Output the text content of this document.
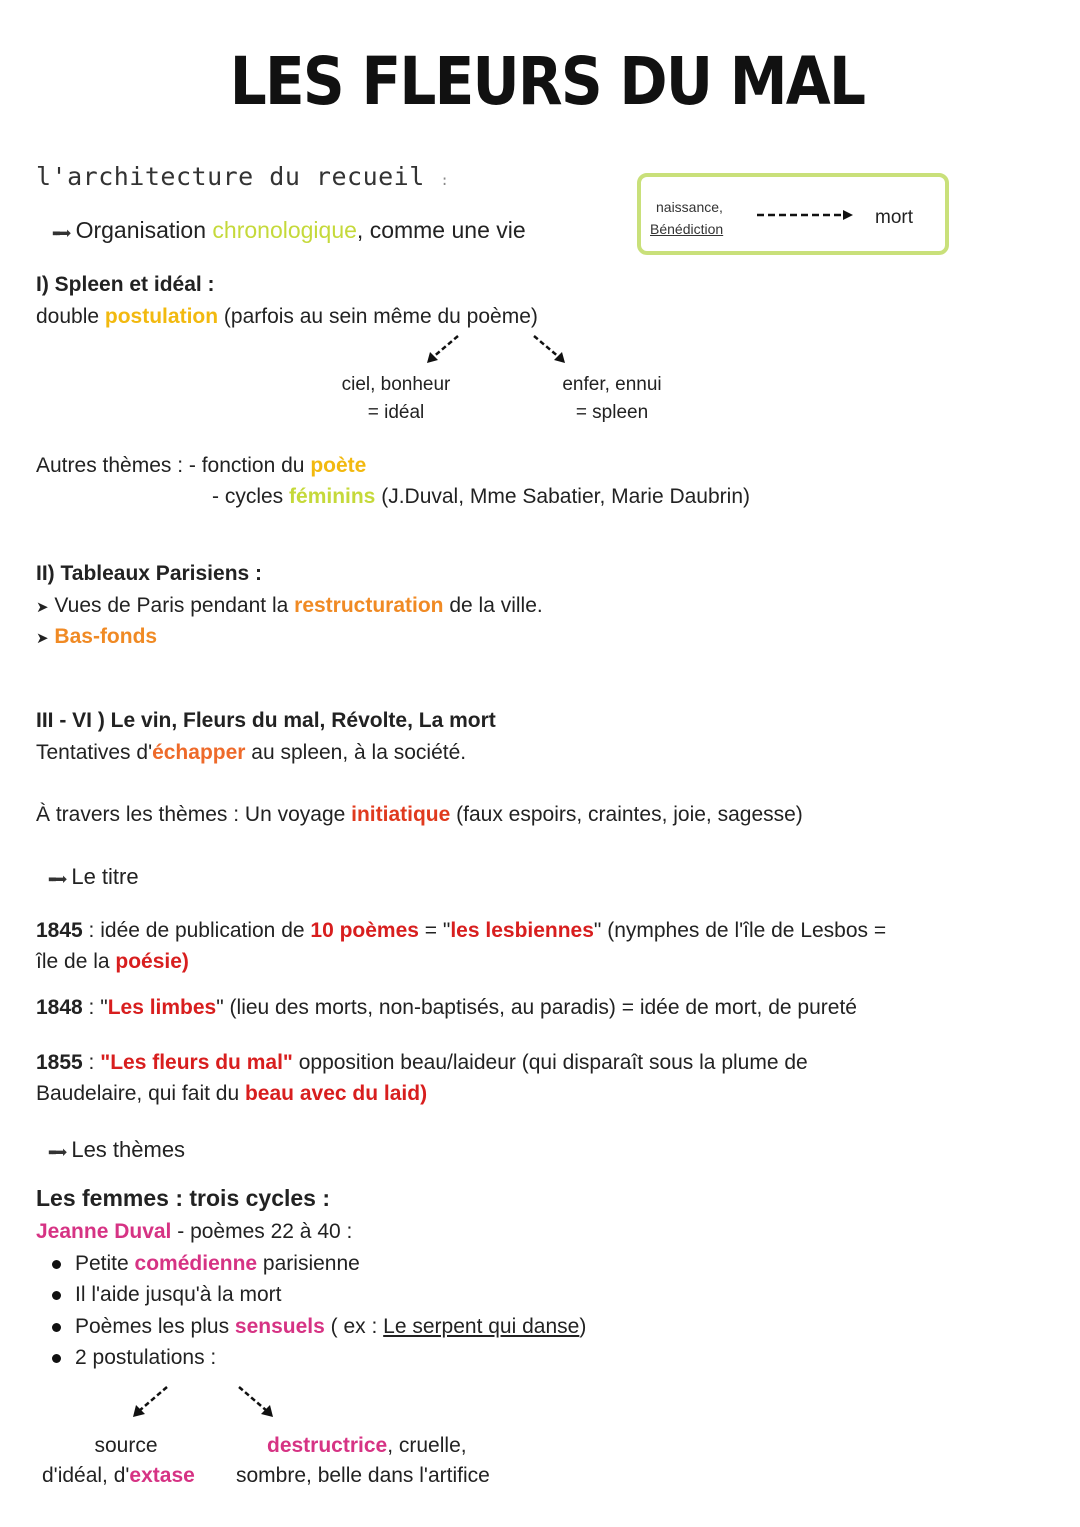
LES FLEURS DU MAL
l'architecture du recueil :
▪▪➡ Organisation chronologique, comme une vie
naissance,
Bénédiction
mort
I) Spleen et idéal :
double postulation (parfois au sein même du poème)
ciel, bonheur
= idéal
enfer, ennui
= spleen
Autres thèmes : - fonction du poète
- cycles féminins (J.Duval, Mme Sabatier, Marie Daubrin)
II) Tableaux Parisiens :
➤ Vues de Paris pendant la restructuration de la ville.
➤ Bas-fonds
III - VI ) Le vin, Fleurs du mal, Révolte, La mort
Tentatives d'échapper au spleen, à la société.
À travers les thèmes : Un voyage initiatique (faux espoirs, craintes, joie, sagesse)
▪▪➡ Le titre
1845 : idée de publication de 10 poèmes = "les lesbiennes" (nymphes de l'île de Lesbos =
île de la poésie)
1848 : "Les limbes" (lieu des morts, non-baptisés, au paradis) = idée de mort, de pureté
1855 : "Les fleurs du mal" opposition beau/laideur (qui disparaît sous la plume de
Baudelaire, qui fait du beau avec du laid)
▪▪➡ Les thèmes
Les femmes : trois cycles :
Jeanne Duval - poèmes 22 à 40 :
Petite comédienne parisienne
Il l'aide jusqu'à la mort
Poèmes les plus sensuels ( ex : Le serpent qui danse)
2 postulations :
source
d'idéal, d'extase
destructrice, cruelle,
sombre, belle dans l'artifice
